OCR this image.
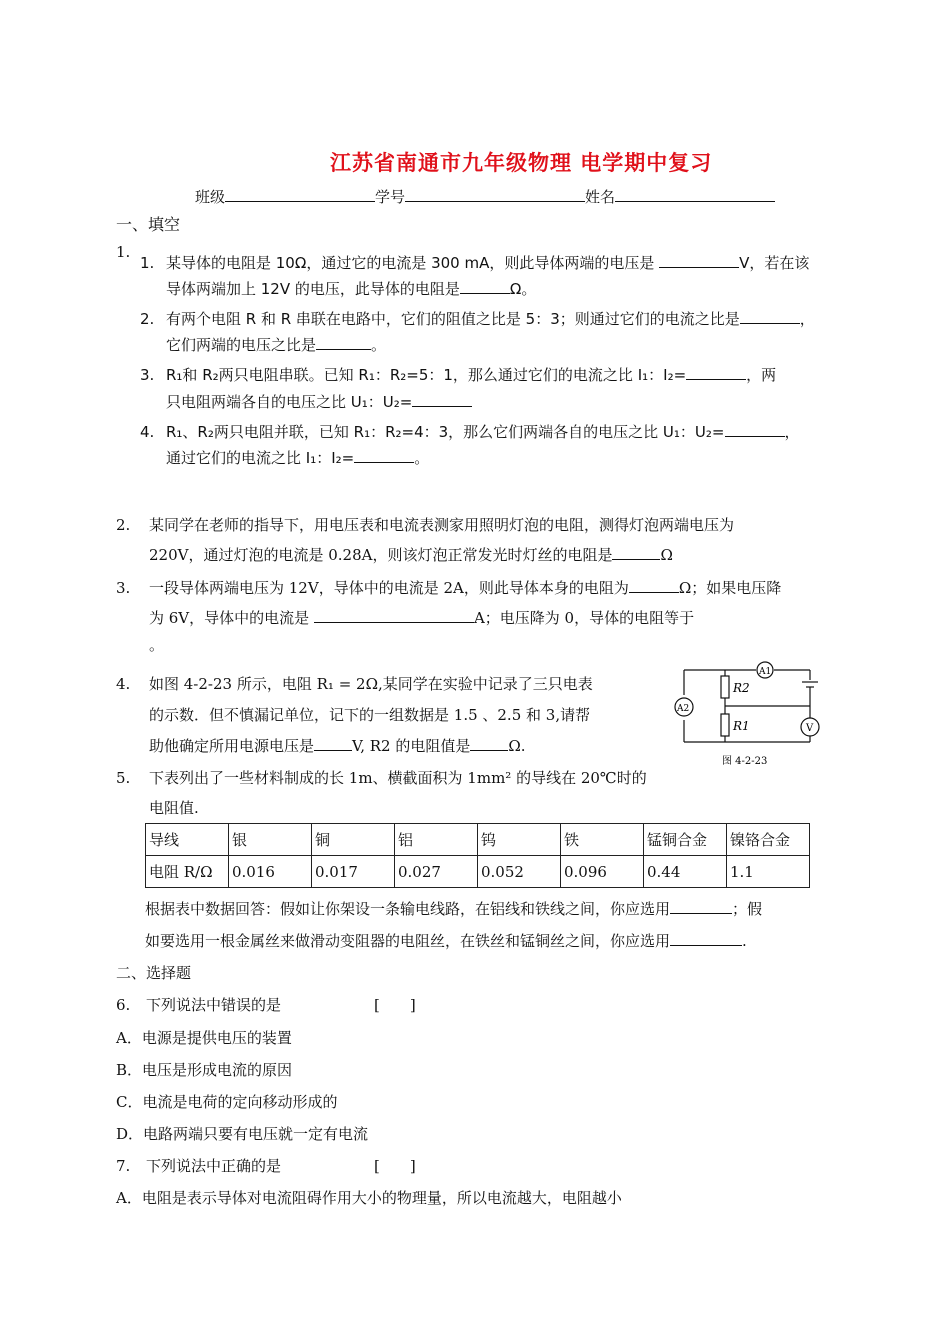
江苏省南通市九年级物理 电学期中复习
班级	学号	姓名
一、填空
1.
1. 某导体的电阻是 10Ω，通过它的电流是 300 mA，则此导体两端的电压是	V，若在该
导体两端加上 12V 的电压，此导体的电阻是	Ω。
2. 有两个电阻 R 和 R 串联在电路中，它们的阻值之比是 5：3；则通过它们的电流之比是	，
它们两端的电压之比是	。
3. R₁和 R₂两只电阻串联。已知 R₁：R₂=5：1，那么通过它们的电流之比 I₁：I₂=	，两
只电阻两端各自的电压之比 U₁：U₂=
4. R₁、R₂两只电阻并联，已知 R₁：R₂=4：3，那么它们两端各自的电压之比 U₁：U₂=	，
通过它们的电流之比 I₁：I₂=	。
2. 某同学在老师的指导下，用电压表和电流表测家用照明灯泡的电阻，测得灯泡两端电压为
220V，通过灯泡的电流是 0.28A，则该灯泡正常发光时灯丝的电阻是	Ω
3. 一段导体两端电压为 12V，导体中的电流是 2A，则此导体本身的电阻为	Ω；如果电压降
为 6V，导体中的电流是	A；电压降为 0，导体的电阻等于
。
4. 如图 4-2-23 所示，电阻 R₁ = 2Ω,某同学在实验中记录了三只电表
的示数．但不慎漏记单位，记下的一组数据是 1.5 、2.5 和 3,请帮
助他确定所用电源电压是	V, R2 的电阻值是	Ω.
A1
A2
V
R2
R1
图 4-2-23
5. 下表列出了一些材料制成的长 1m、横截面积为 1mm² 的导线在 20℃时的
电阻值.
导线	银	铜	铝	钨	铁	锰铜合金	镍铬合金
电阻 R/Ω	0.016	0.017	0.027	0.052	0.096	0.44	1.1
根据表中数据回答：假如让你架设一条输电线路，在铝线和铁线之间，你应选用	；假
如要选用一根金属丝来做滑动变阻器的电阻丝，在铁丝和锰铜丝之间，你应选用	.
二、选择题
6. 下列说法中错误的是	[　　]
A．电源是提供电压的装置
B．电压是形成电流的原因
C．电流是电荷的定向移动形成的
D．电路两端只要有电压就一定有电流
7. 下列说法中正确的是	[　　]
A．电阻是表示导体对电流阻碍作用大小的物理量，所以电流越大，电阻越小
